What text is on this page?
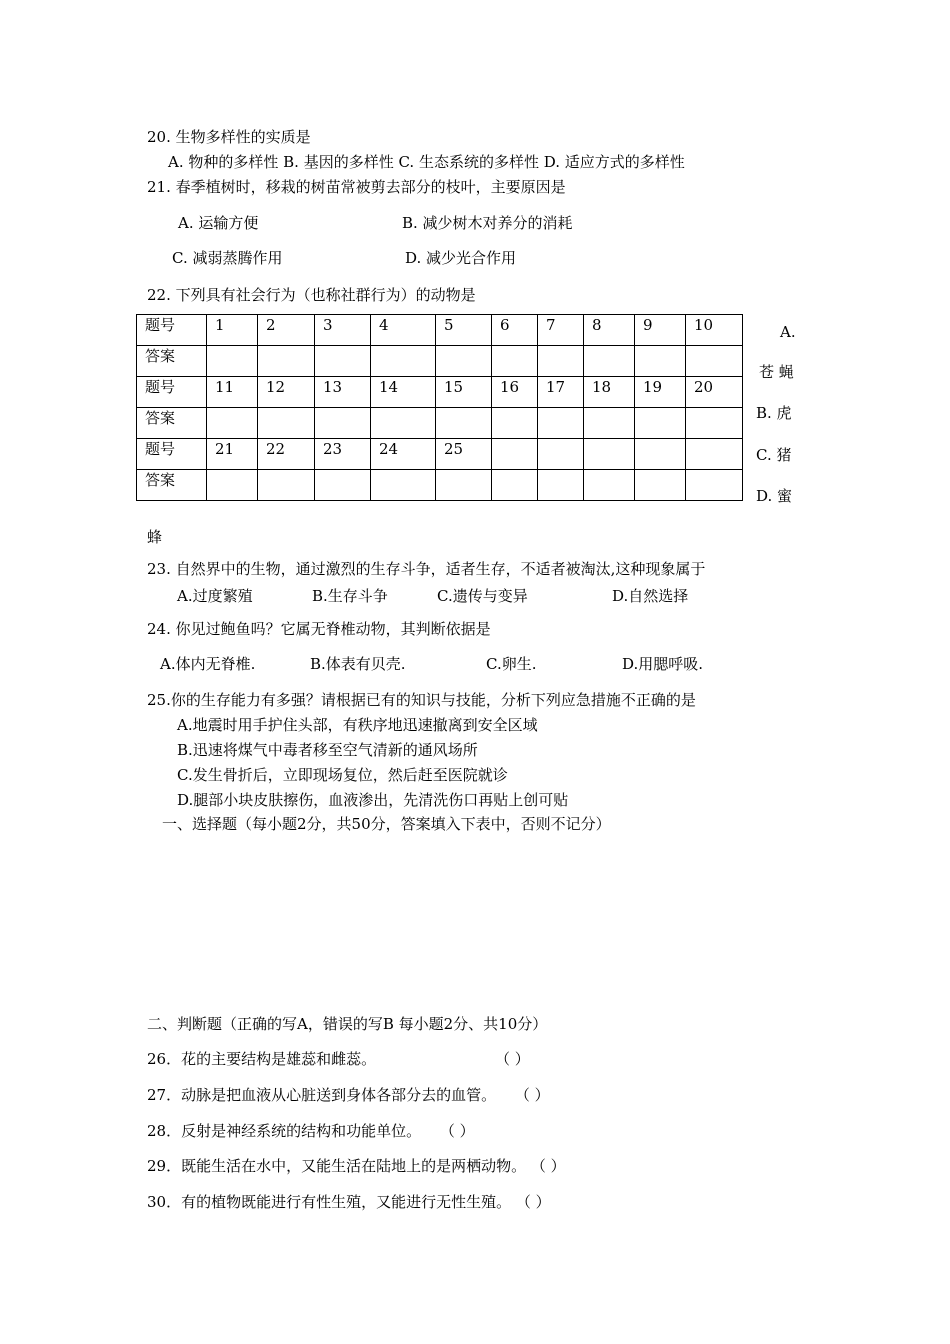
20. 生物多样性的实质是
A. 物种的多样性 B. 基因的多样性 C. 生态系统的多样性 D. 适应方式的多样性
21. 春季植树时，移栽的树苗常被剪去部分的枝叶，主要原因是
A. 运输方便	B. 减少树木对养分的消耗
C. 减弱蒸腾作用	D. 减少光合作用
22. 下列具有社会行为（也称社群行为）的动物是
题号	1	2	3	4	5	6	7	8	9	10
答案										
题号	11	12	13	14	15	16	17	18	19	20
答案										
题号	21	22	23	24	25					
答案										
A.
苍 蝇
B. 虎
C. 猪
D. 蜜
蜂
23. 自然界中的生物，通过激烈的生存斗争，适者生存，不适者被淘汰,这种现象属于
A.过度繁殖	B.生存斗争	C.遗传与变异	D.自然选择
24. 你见过鲍鱼吗？它属无脊椎动物，其判断依据是
A.体内无脊椎.	B.体表有贝壳.	C.卵生.	D.用腮呼吸.
25.你的生存能力有多强？请根据已有的知识与技能，分析下列应急措施不正确的是
A.地震时用手护住头部，有秩序地迅速撤离到安全区域
B.迅速将煤气中毒者移至空气清新的通风场所
C.发生骨折后，立即现场复位，然后赶至医院就诊
D.腿部小块皮肤擦伤，血液渗出，先清洗伤口再贴上创可贴
一、选择题（每小题2分，共50分，答案填入下表中，否则不记分）
二、判断题（正确的写A，错误的写B 每小题2分、共10分）
26．花的主要结构是雄蕊和雌蕊。	（ ）
27．动脉是把血液从心脏送到身体各部分去的血管。 （ ）
28．反射是神经系统的结构和功能单位。 （ ）
29．既能生活在水中，又能生活在陆地上的是两栖动物。 （ ）
30．有的植物既能进行有性生殖，又能进行无性生殖。 （ ）
